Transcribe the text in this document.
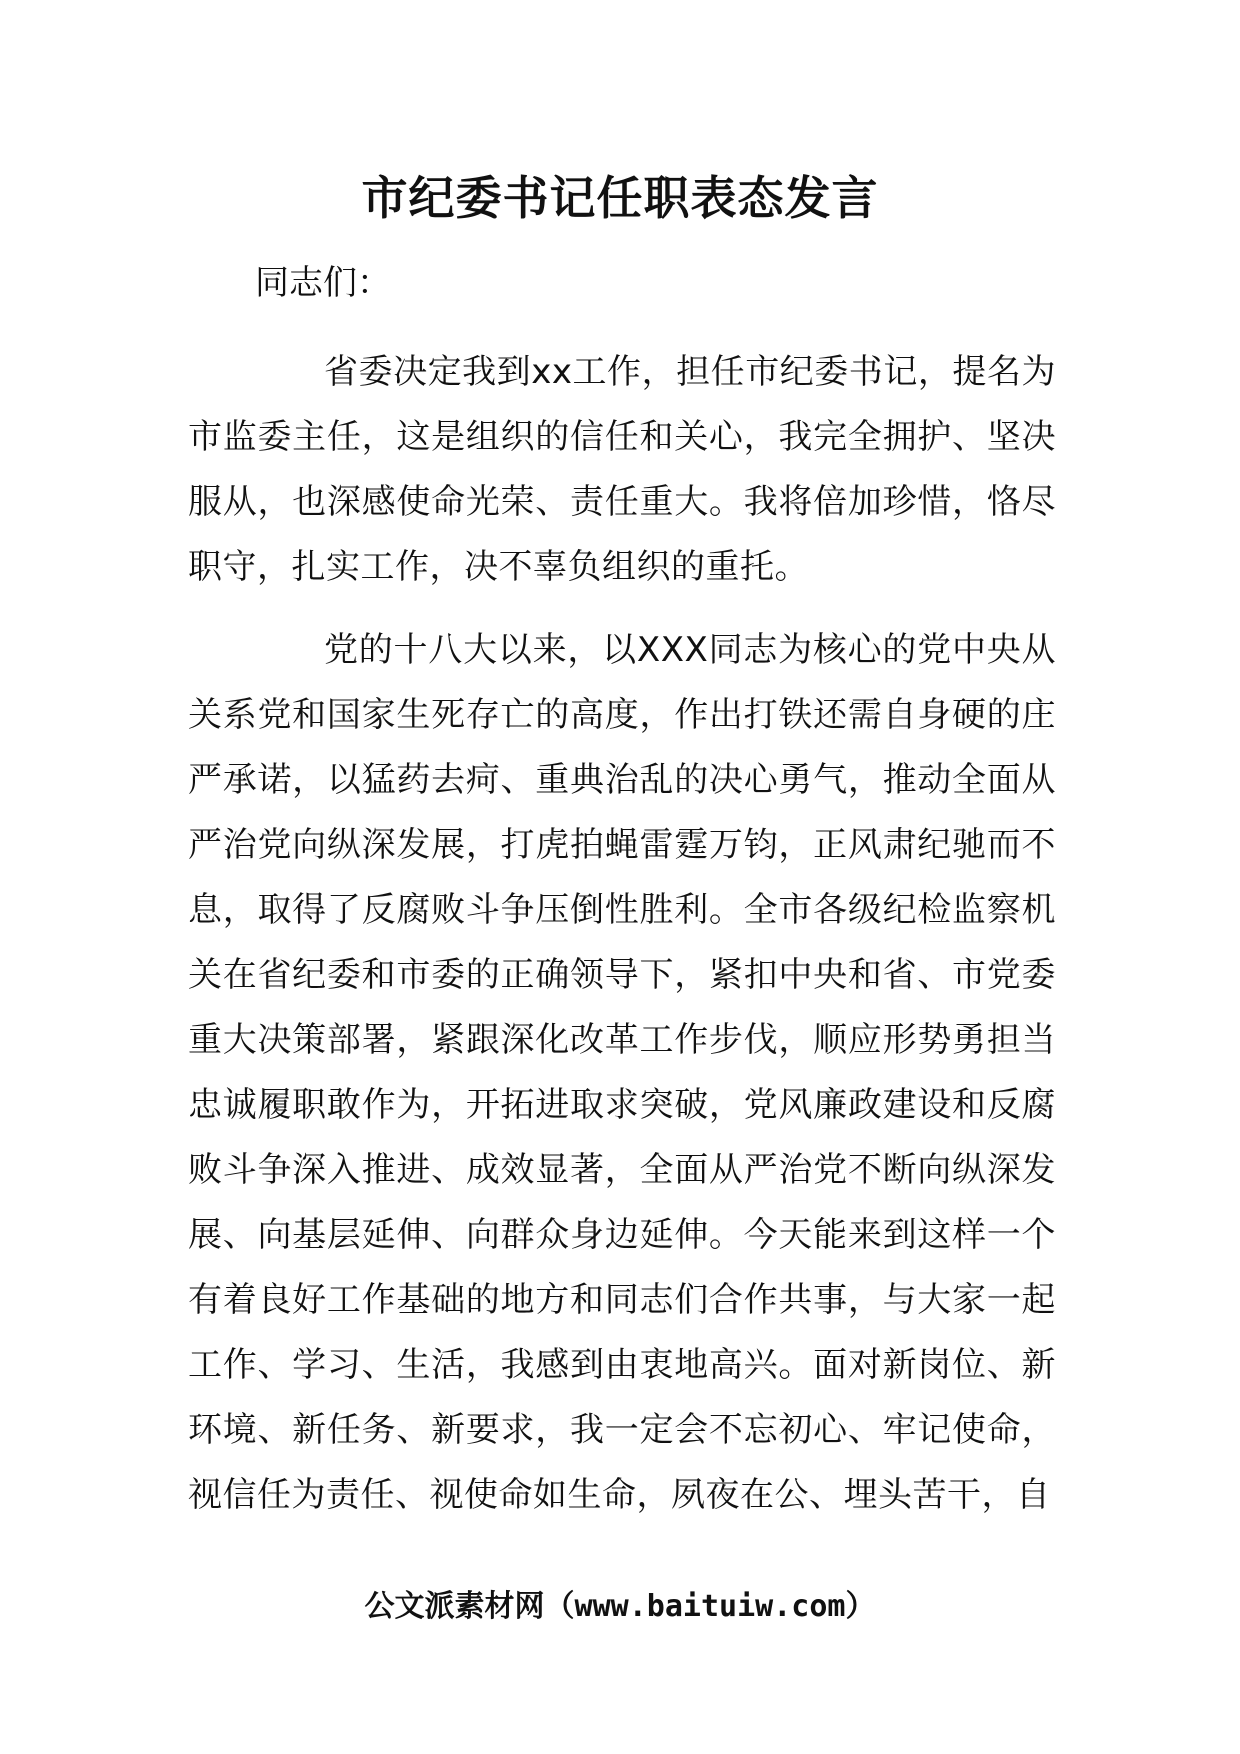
市纪委书记任职表态发言

同志们：

省委决定我到xx工作，担任市纪委书记，提名为市监委主任，这是组织的信任和关心，我完全拥护、坚决服从，也深感使命光荣、责任重大。我将倍加珍惜，恪尽职守，扎实工作，决不辜负组织的重托。

党的十八大以来，以XXX同志为核心的党中央从关系党和国家生死存亡的高度，作出打铁还需自身硬的庄严承诺，以猛药去疴、重典治乱的决心勇气，推动全面从严治党向纵深发展，打虎拍蝇雷霆万钧，正风肃纪驰而不息，取得了反腐败斗争压倒性胜利。全市各级纪检监察机关在省纪委和市委的正确领导下，紧扣中央和省、市党委重大决策部署，紧跟深化改革工作步伐，顺应形势勇担当忠诚履职敢作为，开拓进取求突破，党风廉政建设和反腐败斗争深入推进、成效显著，全面从严治党不断向纵深发展、向基层延伸、向群众身边延伸。今天能来到这样一个有着良好工作基础的地方和同志们合作共事，与大家一起工作、学习、生活，我感到由衷地高兴。面对新岗位、新环境、新任务、新要求，我一定会不忘初心、牢记使命，视信任为责任、视使命如生命，夙夜在公、埋头苦干，自

公文派素材网（www.baituiw.com）
